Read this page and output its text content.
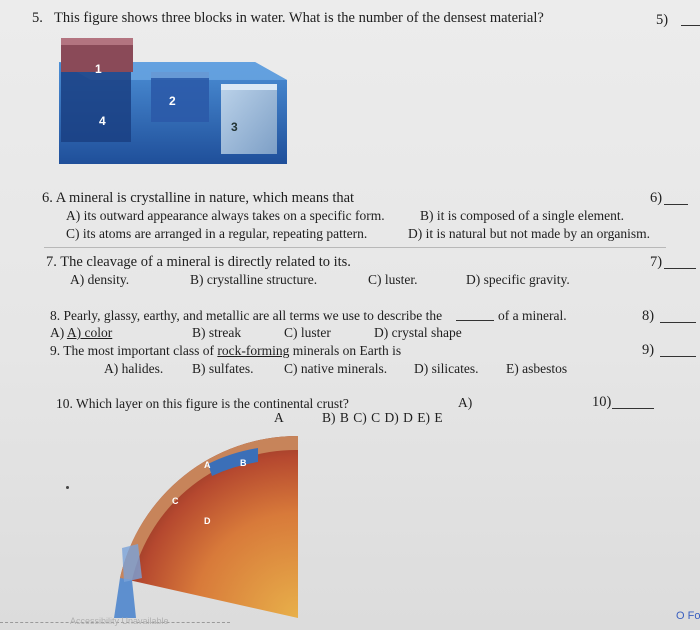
5. This figure shows three blocks in water. What is the number of the densest material?	5)
1
2
3
4
6. A mineral is crystalline in nature, which means that	6)
A) its outward appearance always takes on a specific form.	B) it is composed of a single element.
C) its atoms are arranged in a regular, repeating pattern.	D) it is natural but not made by an organism.
7. The cleavage of a mineral is directly related to its.	7)
A) density.	B) crystalline structure.	C) luster.	D) specific gravity.
8. Pearly, glassy, earthy, and metallic are all terms we use to describe the	of a mineral.	8)
A) A) color	B) streak	C) luster	D) crystal shape
9. The most important class of rock-forming minerals on Earth is	9)
A) halides. B) sulfates. C) native minerals. D) silicates. E) asbestos
10. Which layer on this figure is the continental crust?	A)	10)
A	B) B C) C D) D E) E
A	B
C
D
Accessibility Unavailable	O Fo
